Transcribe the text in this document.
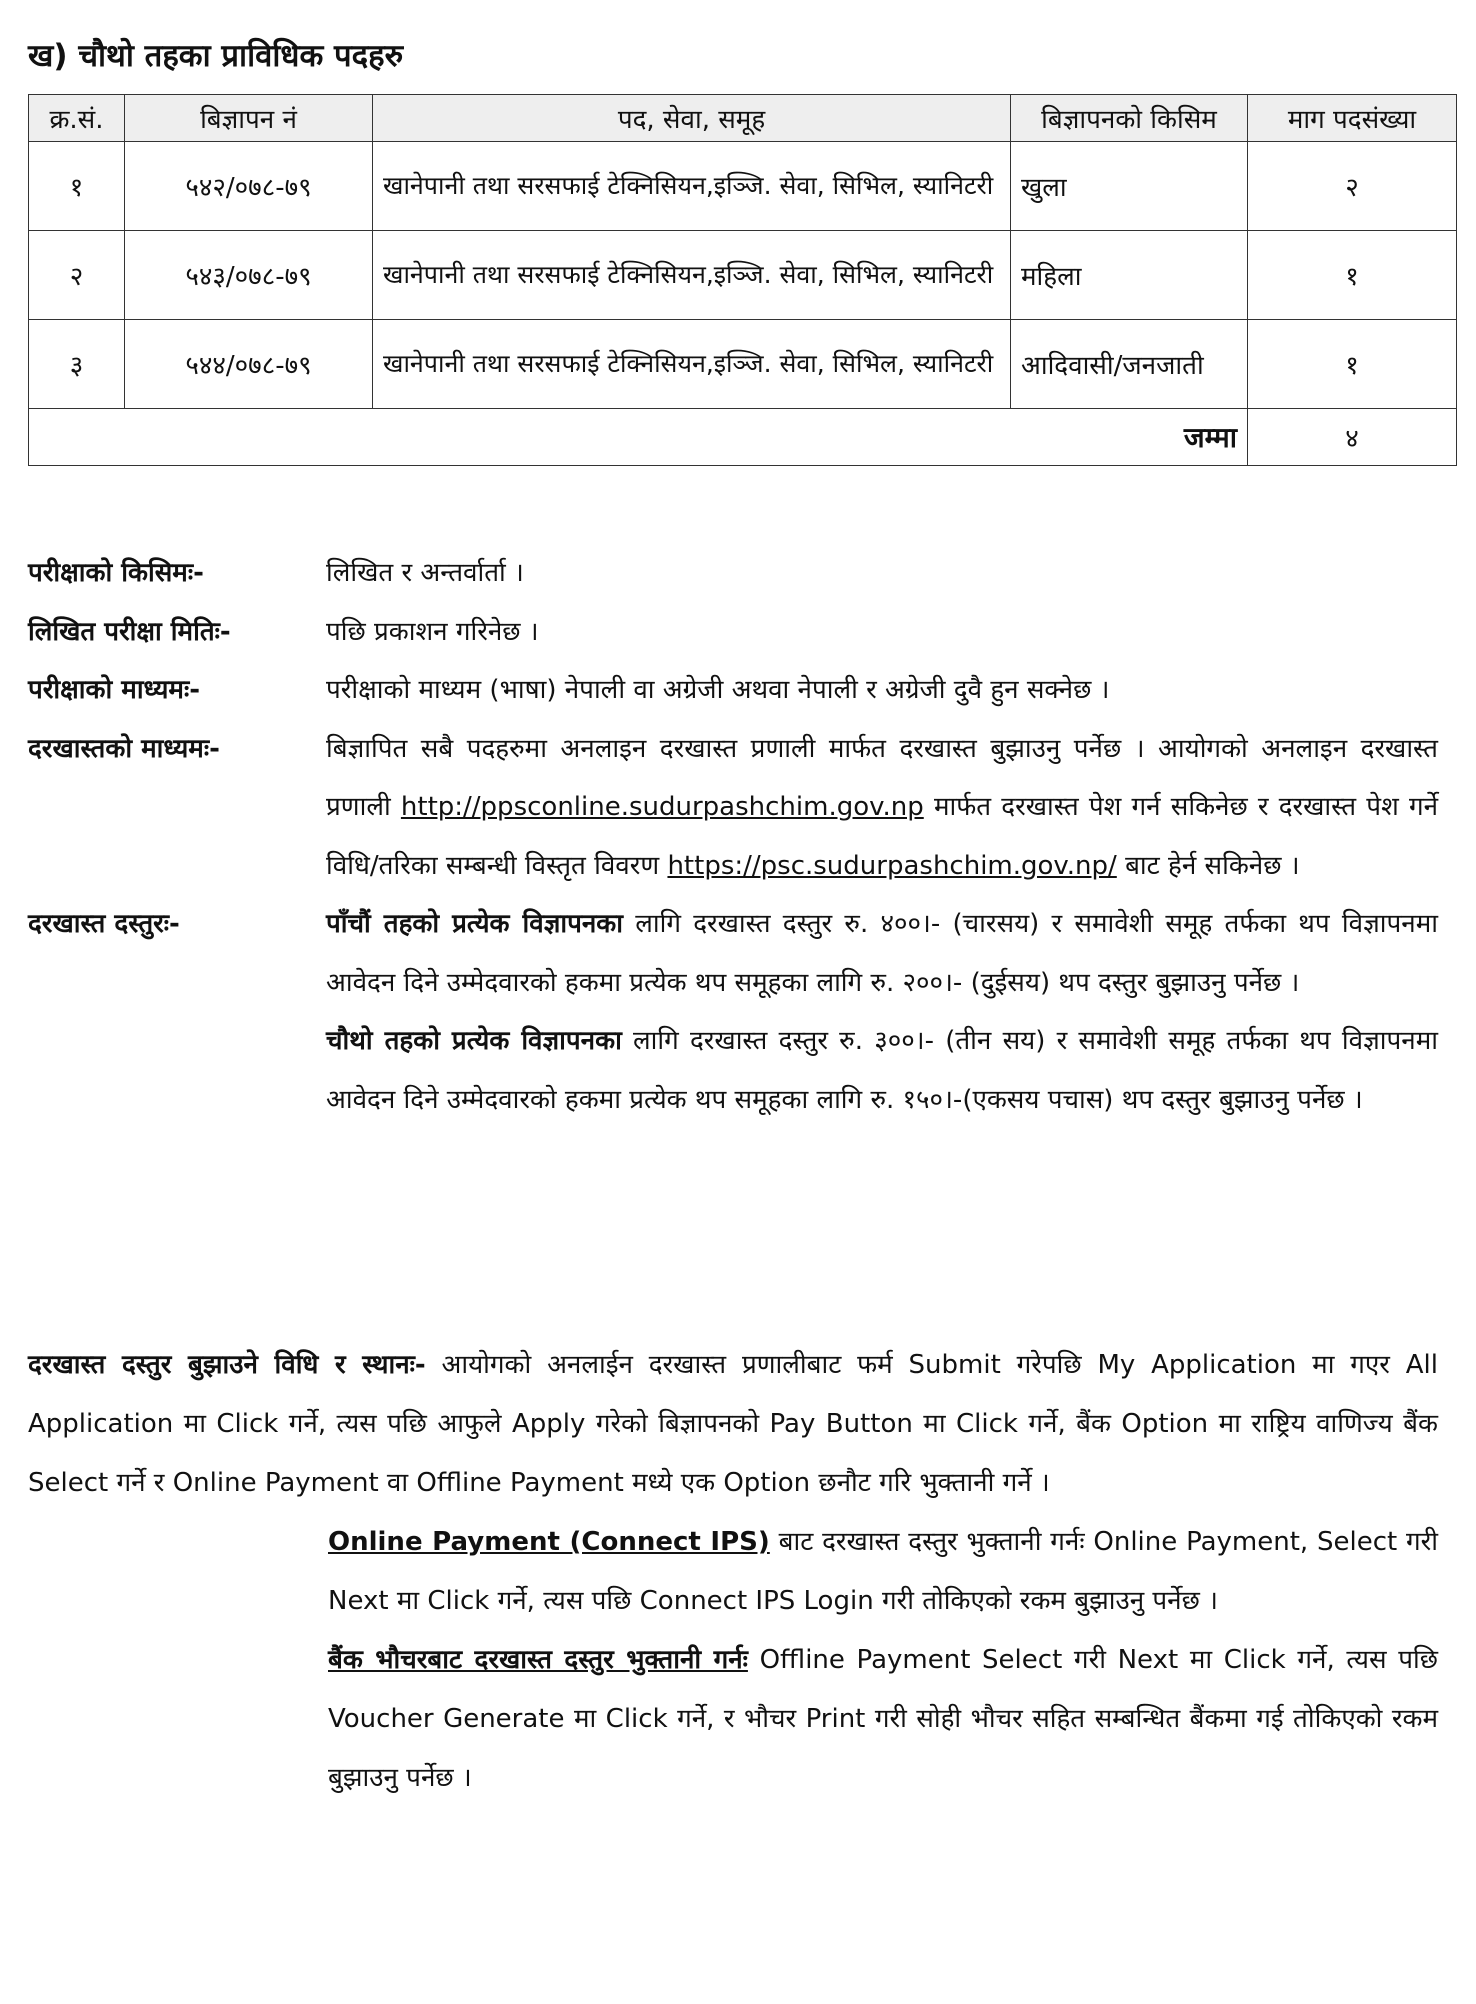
ख) चौथो तहका प्राविधिक पदहरु
क्र.सं.	बिज्ञापन नं	पद, सेवा, समूह	बिज्ञापनको किसिम	माग पदसंख्या
१	५४२/०७८-७९	खानेपानी तथा सरसफाई टेक्निसियन,इञ्जि. सेवा, सिभिल, स्यानिटरी	खुला	२
२	५४३/०७८-७९	खानेपानी तथा सरसफाई टेक्निसियन,इञ्जि. सेवा, सिभिल, स्यानिटरी	महिला	१
३	५४४/०७८-७९	खानेपानी तथा सरसफाई टेक्निसियन,इञ्जि. सेवा, सिभिल, स्यानिटरी	आदिवासी/जनजाती	१
जम्मा				४
परीक्षाको किसिमः-	लिखित र अन्तर्वार्ता ।
लिखित परीक्षा मितिः-	पछि प्रकाशन गरिनेछ ।
परीक्षाको माध्यमः-	परीक्षाको माध्यम (भाषा) नेपाली वा अग्रेजी अथवा नेपाली र अग्रेजी दुवै हुन सक्नेछ ।
दरखास्तको माध्यमः-	बिज्ञापित सबै पदहरुमा अनलाइन दरखास्त प्रणाली मार्फत दरखास्त बुझाउनु पर्नेछ । आयोगको अनलाइन दरखास्त प्रणाली http://ppsconline.sudurpashchim.gov.np मार्फत दरखास्त पेश गर्न सकिनेछ र दरखास्त पेश गर्ने विधि/तरिका सम्बन्धी विस्तृत विवरण https://psc.sudurpashchim.gov.np/ बाट हेर्न सकिनेछ ।
दरखास्त दस्तुरः-	पाँचौं तहको प्रत्येक विज्ञापनका लागि दरखास्त दस्तुर रु. ४००।- (चारसय) र समावेशी समूह तर्फका थप विज्ञापनमा आवेदन दिने उम्मेदवारको हकमा प्रत्येक थप समूहका लागि रु. २००।- (दुईसय) थप दस्तुर बुझाउनु पर्नेछ ।
चौथो तहको प्रत्येक विज्ञापनका लागि दरखास्त दस्तुर रु. ३००।- (तीन सय) र समावेशी समूह तर्फका थप विज्ञापनमा आवेदन दिने उम्मेदवारको हकमा प्रत्येक थप समूहका लागि रु. १५०।-(एकसय पचास) थप दस्तुर बुझाउनु पर्नेछ ।
दरखास्त दस्तुर बुझाउने विधि र स्थानः- आयोगको अनलाईन दरखास्त प्रणालीबाट फर्म Submit गरेपछि My Application मा गएर All Application मा Click गर्ने, त्यस पछि आफुले Apply गरेको बिज्ञापनको Pay Button मा Click गर्ने, बैंक Option मा राष्ट्रिय वाणिज्य बैंक Select गर्ने र Online Payment वा Offline Payment मध्ये एक Option छनौट गरि भुक्तानी गर्ने ।
Online Payment (Connect IPS) बाट दरखास्त दस्तुर भुक्तानी गर्नः Online Payment, Select गरी Next मा Click गर्ने, त्यस पछि Connect IPS Login गरी तोकिएको रकम बुझाउनु पर्नेछ ।
बैंक भौचरबाट दरखास्त दस्तुर भुक्तानी गर्नः Offline Payment Select गरी Next मा Click गर्ने, त्यस पछि Voucher Generate मा Click गर्ने, र भौचर Print गरी सोही भौचर सहित सम्बन्धित बैंकमा गई तोकिएको रकम बुझाउनु पर्नेछ ।
